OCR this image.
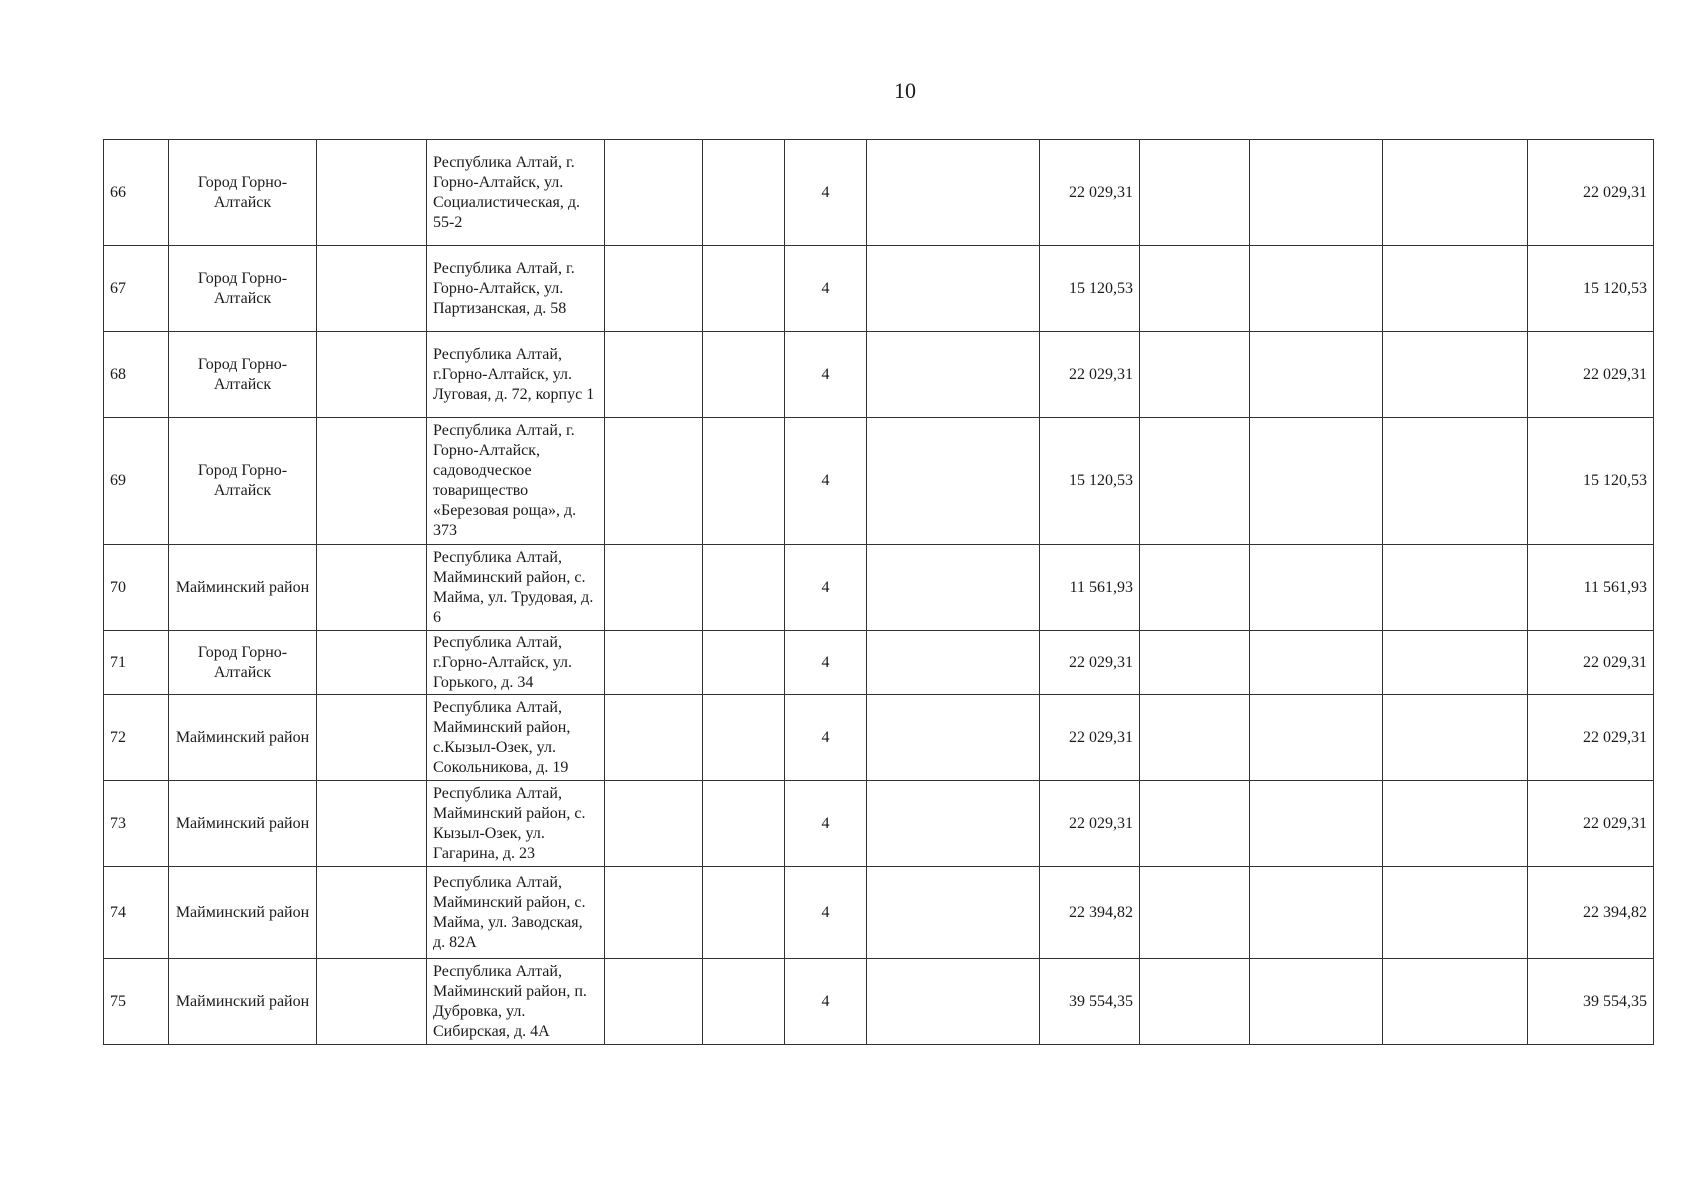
10
66	Город Горно-Алтайск		Республика Алтай, г. Горно-Алтайск, ул. Социалистическая, д. 55-2			4		22 029,31				22 029,31
67	Город Горно-Алтайск		Республика Алтай, г. Горно-Алтайск, ул. Партизанская, д. 58			4		15 120,53				15 120,53
68	Город Горно-Алтайск		Республика Алтай, г.Горно-Алтайск, ул. Луговая, д. 72, корпус 1			4		22 029,31				22 029,31
69	Город Горно-Алтайск		Республика Алтай, г. Горно-Алтайск, садоводческое товарищество «Березовая роща», д. 373			4		15 120,53				15 120,53
70	Майминский район		Республика Алтай, Майминский район, с. Майма, ул. Трудовая, д. 6			4		11 561,93				11 561,93
71	Город Горно-Алтайск		Республика Алтай, г.Горно-Алтайск, ул. Горького, д. 34			4		22 029,31				22 029,31
72	Майминский район		Республика Алтай, Майминский район, с.Кызыл-Озек, ул. Сокольникова, д. 19			4		22 029,31				22 029,31
73	Майминский район		Республика Алтай, Майминский район, с. Кызыл-Озек, ул. Гагарина, д. 23			4		22 029,31				22 029,31
74	Майминский район		Республика Алтай, Майминский район, с. Майма, ул. Заводская, д. 82А			4		22 394,82				22 394,82
75	Майминский район		Республика Алтай, Майминский район, п. Дубровка, ул. Сибирская, д. 4А			4		39 554,35				39 554,35
